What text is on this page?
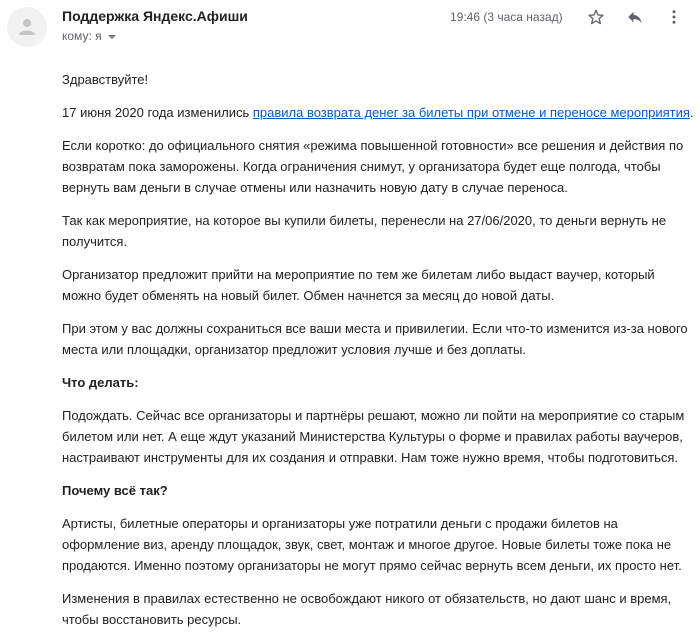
Поддержка Яндекс.Афиши
кому: я
19:46 (3 часа назад)

Здравствуйте!

17 июня 2020 года изменились правила возврата денег за билеты при отмене и переносе мероприятия.

Если коротко: до официального снятия «режима повышенной готовности» все решения и действия по возвратам пока заморожены. Когда ограничения снимут, у организатора будет еще полгода, чтобы вернуть вам деньги в случае отмены или назначить новую дату в случае переноса.

Так как мероприятие, на которое вы купили билеты, перенесли на 27/06/2020, то деньги вернуть не получится.

Организатор предложит прийти на мероприятие по тем же билетам либо выдаст ваучер, который можно будет обменять на новый билет. Обмен начнется за месяц до новой даты.

При этом у вас должны сохраниться все ваши места и привилегии. Если что-то изменится из-за нового места или площадки, организатор предложит условия лучше и без доплаты.

Что делать:

Подождать. Сейчас все организаторы и партнёры решают, можно ли пойти на мероприятие со старым билетом или нет. А еще ждут указаний Министерства Культуры о форме и правилах работы ваучеров, настраивают инструменты для их создания и отправки. Нам тоже нужно время, чтобы подготовиться.

Почему всё так?

Артисты, билетные операторы и организаторы уже потратили деньги с продажи билетов на оформление виз, аренду площадок, звук, свет, монтаж и многое другое. Новые билеты тоже пока не продаются. Именно поэтому организаторы не могут прямо сейчас вернуть всем деньги, их просто нет.

Изменения в правилах естественно не освобождают никого от обязательств, но дают шанс и время, чтобы восстановить ресурсы.
